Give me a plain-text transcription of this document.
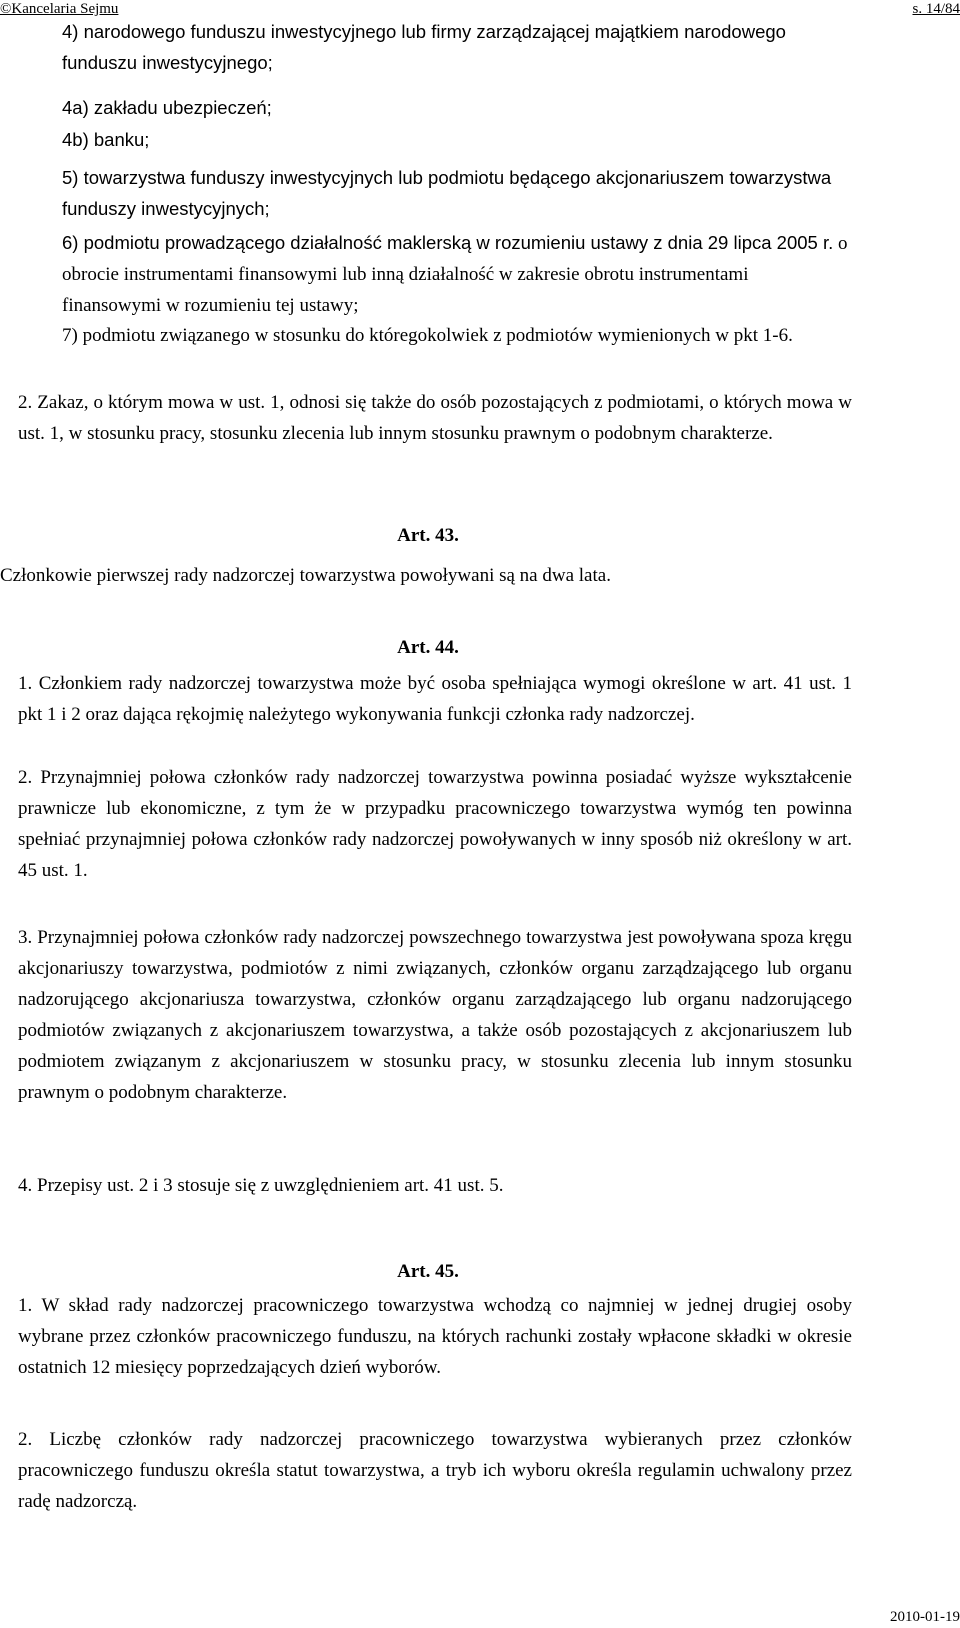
©Kancelaria Sejmu	s. 14/84

4) narodowego funduszu inwestycyjnego lub firmy zarządzającej majątkiem narodowego funduszu inwestycyjnego;

4a) zakładu ubezpieczeń;

4b) banku;

5) towarzystwa funduszy inwestycyjnych lub podmiotu będącego akcjonariuszem towarzystwa funduszy inwestycyjnych;

6) podmiotu prowadzącego działalność maklerską w rozumieniu ustawy z dnia 29 lipca 2005 r. o obrocie instrumentami finansowymi lub inną działalność w zakresie obrotu instrumentami finansowymi w rozumieniu tej ustawy;

7) podmiotu związanego w stosunku do któregokolwiek z podmiotów wymienionych w pkt 1-6.

2. Zakaz, o którym mowa w ust. 1, odnosi się także do osób pozostających z podmiotami, o których mowa w ust. 1, w stosunku pracy, stosunku zlecenia lub innym stosunku prawnym o podobnym charakterze.

Art. 43.

Członkowie pierwszej rady nadzorczej towarzystwa powoływani są na dwa lata.

Art. 44.

1. Członkiem rady nadzorczej towarzystwa może być osoba spełniająca wymogi określone w art. 41 ust. 1 pkt 1 i 2 oraz dająca rękojmię należytego wykonywania funkcji członka rady nadzorczej.

2. Przynajmniej połowa członków rady nadzorczej towarzystwa powinna posiadać wyższe wykształcenie prawnicze lub ekonomiczne, z tym że w przypadku pracowniczego towarzystwa wymóg ten powinna spełniać przynajmniej połowa członków rady nadzorczej powoływanych w inny sposób niż określony w art. 45 ust. 1.

3. Przynajmniej połowa członków rady nadzorczej powszechnego towarzystwa jest powoływana spoza kręgu akcjonariuszy towarzystwa, podmiotów z nimi związanych, członków organu zarządzającego lub organu nadzorującego akcjonariusza towarzystwa, członków organu zarządzającego lub organu nadzorującego podmiotów związanych z akcjonariuszem towarzystwa, a także osób pozostających z akcjonariuszem lub podmiotem związanym z akcjonariuszem w stosunku pracy, w stosunku zlecenia lub innym stosunku prawnym o podobnym charakterze.

4. Przepisy ust. 2 i 3 stosuje się z uwzględnieniem art. 41 ust. 5.

Art. 45.

1. W skład rady nadzorczej pracowniczego towarzystwa wchodzą co najmniej w jednej drugiej osoby wybrane przez członków pracowniczego funduszu, na których rachunki zostały wpłacone składki w okresie ostatnich 12 miesięcy poprzedzających dzień wyborów.

2. Liczbę członków rady nadzorczej pracowniczego towarzystwa wybieranych przez członków pracowniczego funduszu określa statut towarzystwa, a tryb ich wyboru określa regulamin uchwalony przez radę nadzorczą.

2010-01-19
